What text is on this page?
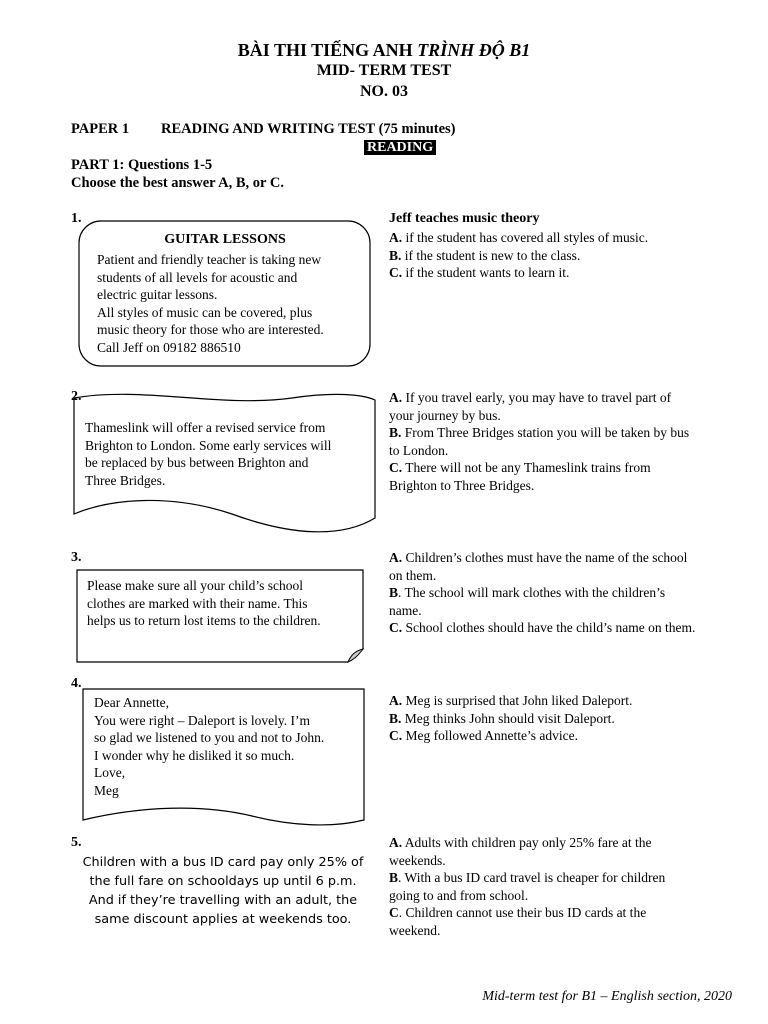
BÀI THI TIẾNG ANH TRÌNH ĐỘ B1
MID- TERM TEST
NO. 03
PAPER 1 READING AND WRITING TEST (75 minutes)
READING
PART 1: Questions 1-5
Choose the best answer A, B, or C.
1.
GUITAR LESSONS
Patient and friendly teacher is taking new
students of all levels for acoustic and
electric guitar lessons.
All styles of music can be covered, plus
music theory for those who are interested.
Call Jeff on 09182 886510
Jeff teaches music theory
A. if the student has covered all styles of music.
B. if the student is new to the class.
C. if the student wants to learn it.
2.
Thameslink will offer a revised service from
Brighton to London. Some early services will
be replaced by bus between Brighton and
Three Bridges.
A. If you travel early, you may have to travel part of
your journey by bus.
B. From Three Bridges station you will be taken by bus
to London.
C. There will not be any Thameslink trains from
Brighton to Three Bridges.
3.
Please make sure all your child’s school
clothes are marked with their name. This
helps us to return lost items to the children.
A. Children’s clothes must have the name of the school
on them.
B. The school will mark clothes with the children’s
name.
C. School clothes should have the child’s name on them.
4.
Dear Annette,
You were right – Daleport is lovely. I’m
so glad we listened to you and not to John.
I wonder why he disliked it so much.
Love,
Meg
A. Meg is surprised that John liked Daleport.
B. Meg thinks John should visit Daleport.
C. Meg followed Annette’s advice.
5.
Children with a bus ID card pay only 25% of
the full fare on schooldays up until 6 p.m.
And if they’re travelling with an adult, the
same discount applies at weekends too.
A. Adults with children pay only 25% fare at the
weekends.
B. With a bus ID card travel is cheaper for children
going to and from school.
C. Children cannot use their bus ID cards at the
weekend.
Mid-term test for B1 – English section, 2020
